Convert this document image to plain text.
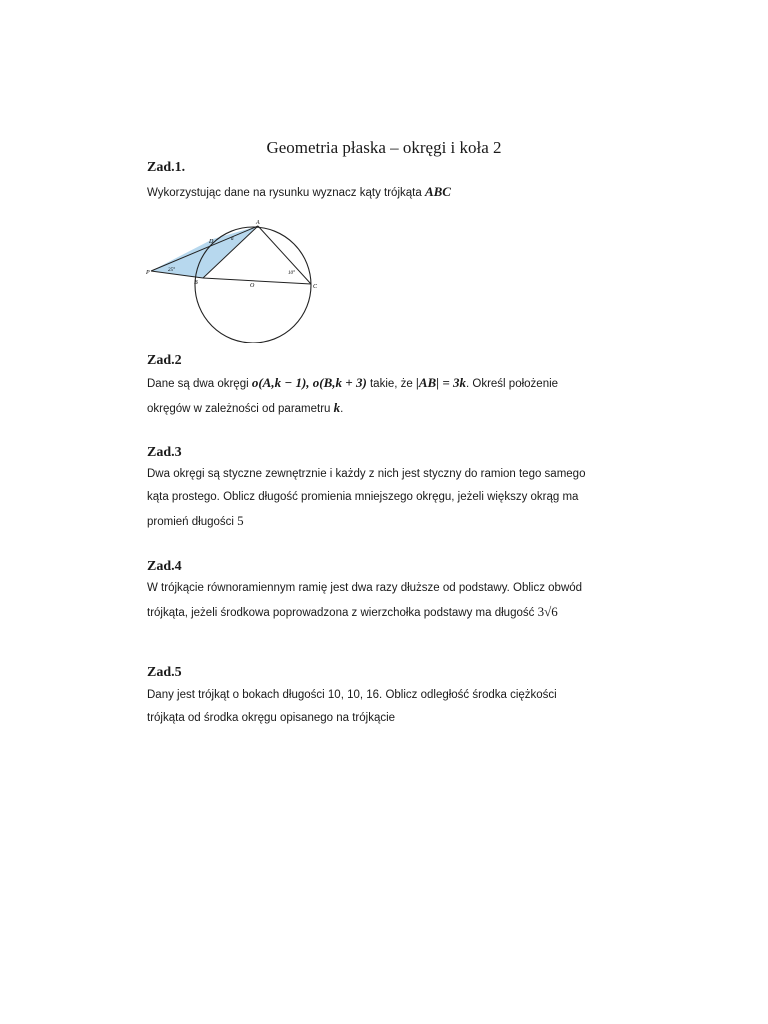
Geometria płaska – okręgi i koła 2
Zad.1.
Wykorzystując dane na rysunku wyznacz kąty trójkąta ABC
A
D
P
B
C
O
25°
α
10°
Zad.2
Dane są dwa okręgi o(A,k − 1), o(B,k + 3) takie, że |AB| = 3k. Określ położenie
okręgów w zależności od parametru k.
Zad.3
Dwa okręgi są styczne zewnętrznie i każdy z nich jest styczny do ramion tego samego
kąta prostego. Oblicz długość promienia mniejszego okręgu, jeżeli większy okrąg ma
promień długości 5
Zad.4
W trójkącie równoramiennym ramię jest dwa razy dłuższe od podstawy. Oblicz obwód
trójkąta, jeżeli środkowa poprowadzona z wierzchołka podstawy ma długość 3√6
Zad.5
Dany jest trójkąt o bokach długości 10, 10, 16. Oblicz odległość środka ciężkości
trójkąta od środka okręgu opisanego na trójkącie
